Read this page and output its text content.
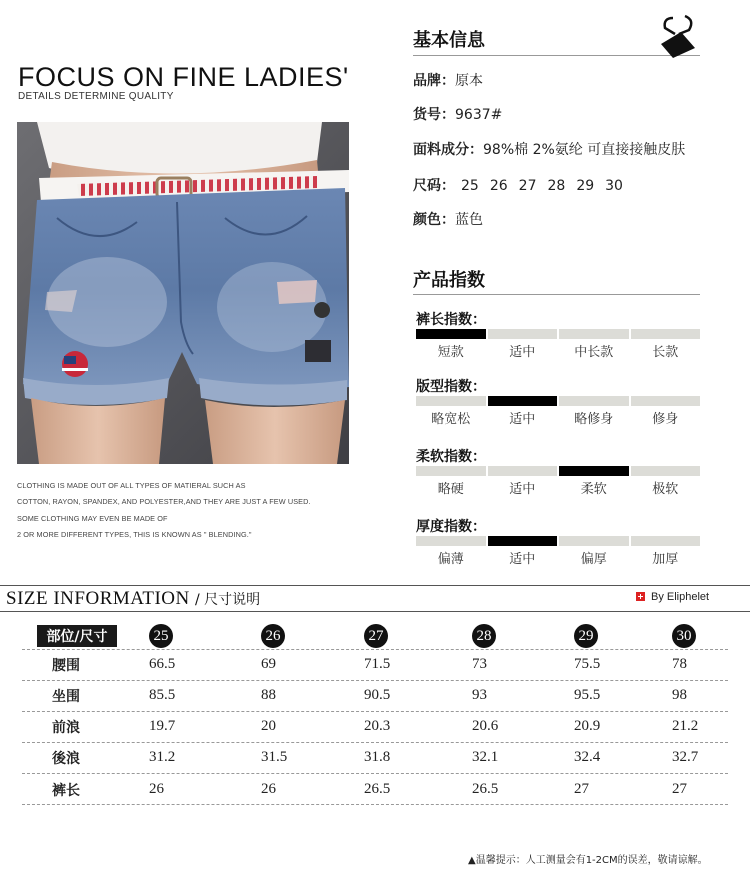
FOCUS ON FINE LADIES'
DETAILS DETERMINE QUALITY
CLOTHING IS MADE OUT OF ALL TYPES OF MATIERAL SUCH AS
COTTON, RAYON, SPANDEX, AND POLYESTER,AND THEY ARE JUST A FEW USED.
SOME CLOTHING MAY EVEN BE MADE OF
2 OR MORE DIFFERENT TYPES, THIS IS KNOWN AS " BLENDING."
基本信息
品牌：原本
货号：9637#
面料成分：98%棉 2%氨纶 可直接接触皮肤
尺码： 25 26 27 28 29 30
颜色：蓝色
产品指数
裤长指数：
短款	适中	中长款	长款
版型指数：
略宽松	适中	略修身	修身
柔软指数：
略硬	适中	柔软	极软
厚度指数：
偏薄	适中	偏厚	加厚
SIZE INFORMATION / 尺寸说明	By Eliphelet
部位/尺寸	25	26	27	28	29	30
腰围	66.5	69	71.5	73	75.5	78
坐围	85.5	88	90.5	93	95.5	98
前浪	19.7	20	20.3	20.6	20.9	21.2
後浪	31.2	31.5	31.8	32.1	32.4	32.7
裤长	26	26	26.5	26.5	27	27
▲温馨提示：人工测量会有1-2CM的误差，敬请谅解。
